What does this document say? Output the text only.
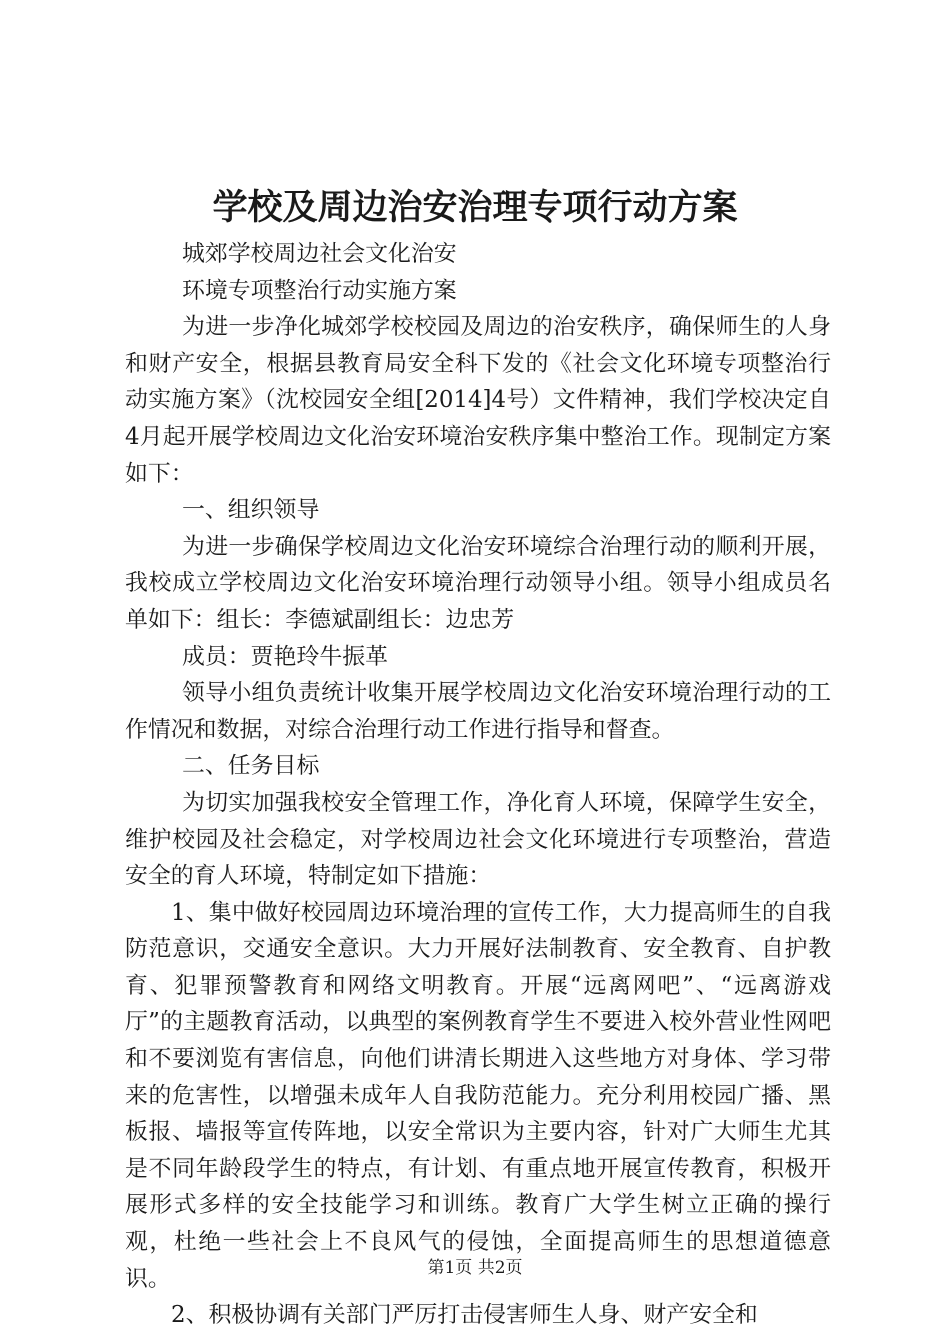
学校及周边治安治理专项行动方案

城郊学校周边社会文化治安

环境专项整治行动实施方案

为进一步净化城郊学校校园及周边的治安秩序，确保师生的人身和财产安全，根据县教育局安全科下发的《社会文化环境专项整治行动实施方案》（沈校园安全组[2014]4号）文件精神，我们学校决定自4月起开展学校周边文化治安环境治安秩序集中整治工作。现制定方案如下：

一、组织领导

为进一步确保学校周边文化治安环境综合治理行动的顺利开展，我校成立学校周边文化治安环境治理行动领导小组。领导小组成员名单如下：组长：李德斌副组长：边忠芳

成员：贾艳玲牛振革

领导小组负责统计收集开展学校周边文化治安环境治理行动的工作情况和数据，对综合治理行动工作进行指导和督查。

二、任务目标

为切实加强我校安全管理工作，净化育人环境，保障学生安全，维护校园及社会稳定，对学校周边社会文化环境进行专项整治，营造安全的育人环境，特制定如下措施：

1、集中做好校园周边环境治理的宣传工作，大力提高师生的自我防范意识，交通安全意识。大力开展好法制教育、安全教育、自护教育、犯罪预警教育和网络文明教育。开展“远离网吧”、“远离游戏厅”的主题教育活动，以典型的案例教育学生不要进入校外营业性网吧和不要浏览有害信息，向他们讲清长期进入这些地方对身体、学习带来的危害性，以增强未成年人自我防范能力。充分利用校园广播、黑板报、墙报等宣传阵地，以安全常识为主要内容，针对广大师生尤其是不同年龄段学生的特点，有计划、有重点地开展宣传教育，积极开展形式多样的安全技能学习和训练。教育广大学生树立正确的操行观，杜绝一些社会上不良风气的侵蚀，全面提高师生的思想道德意识。

2、积极协调有关部门严厉打击侵害师生人身、财产安全和

第1页 共2页
